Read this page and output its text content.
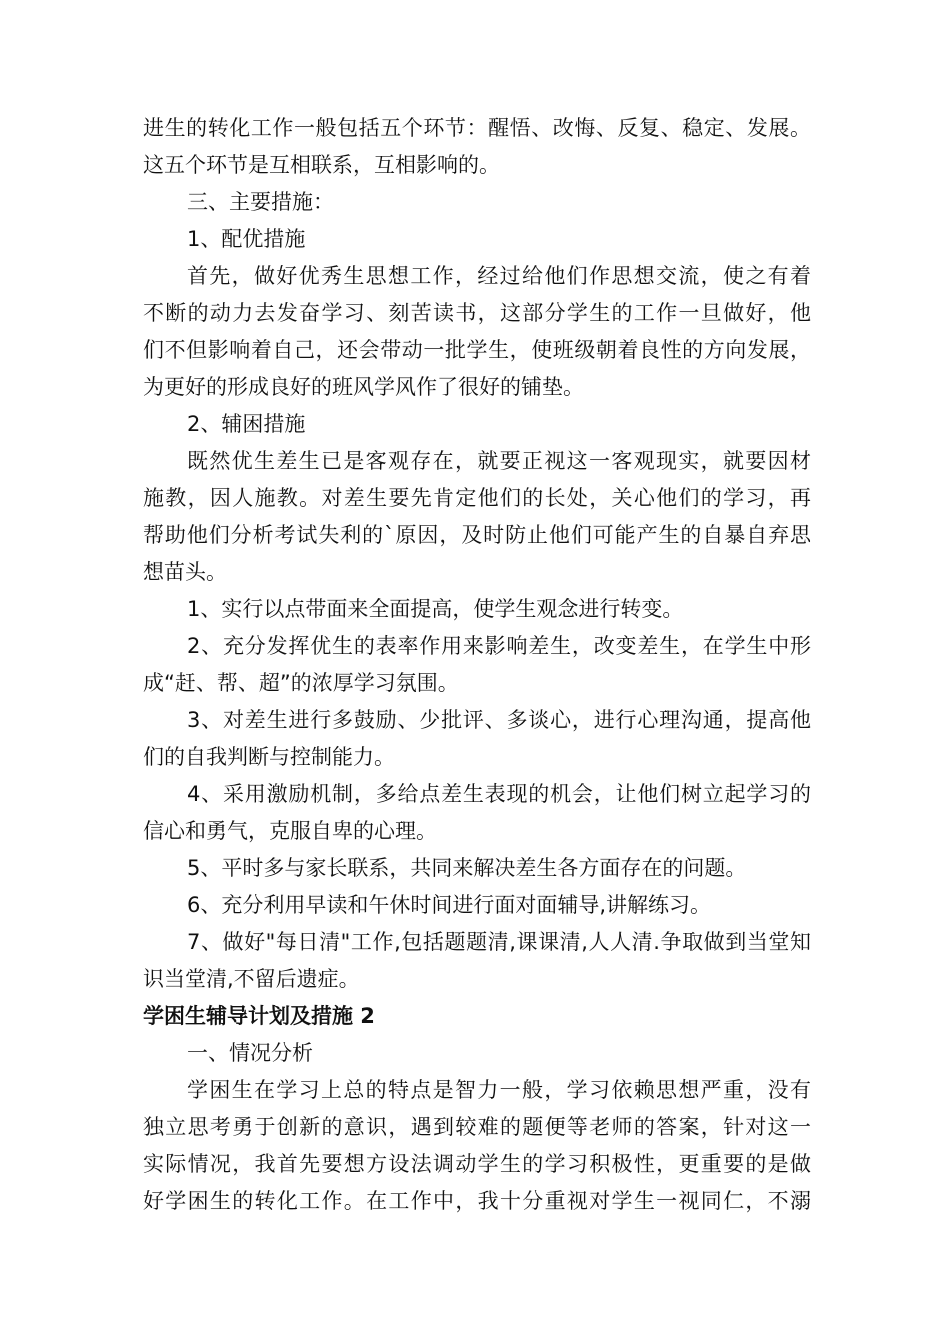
进生的转化工作一般包括五个环节：醒悟、改悔、反复、稳定、发展。
这五个环节是互相联系，互相影响的。
三、主要措施：
1、配优措施
首先，做好优秀生思想工作，经过给他们作思想交流，使之有着
不断的动力去发奋学习、刻苦读书，这部分学生的工作一旦做好，他
们不但影响着自己，还会带动一批学生，使班级朝着良性的方向发展，
为更好的形成良好的班风学风作了很好的铺垫。
2、辅困措施
既然优生差生已是客观存在，就要正视这一客观现实，就要因材
施教，因人施教。对差生要先肯定他们的长处，关心他们的学习，再
帮助他们分析考试失利的`原因，及时防止他们可能产生的自暴自弃思
想苗头。
1、实行以点带面来全面提高，使学生观念进行转变。
2、充分发挥优生的表率作用来影响差生，改变差生，在学生中形
成“赶、帮、超”的浓厚学习氛围。
3、对差生进行多鼓励、少批评、多谈心，进行心理沟通，提高他
们的自我判断与控制能力。
4、采用激励机制，多给点差生表现的机会，让他们树立起学习的
信心和勇气，克服自卑的心理。
5、平时多与家长联系，共同来解决差生各方面存在的问题。
6、充分利用早读和午休时间进行面对面辅导,讲解练习。
7、做好"每日清"工作,包括题题清,课课清,人人清.争取做到当堂知
识当堂清,不留后遗症。
学困生辅导计划及措施 2
一、情况分析
学困生在学习上总的特点是智力一般，学习依赖思想严重，没有
独立思考勇于创新的意识，遇到较难的题便等老师的答案，针对这一
实际情况，我首先要想方设法调动学生的学习积极性，更重要的是做
好学困生的转化工作。在工作中，我十分重视对学生一视同仁，不溺
